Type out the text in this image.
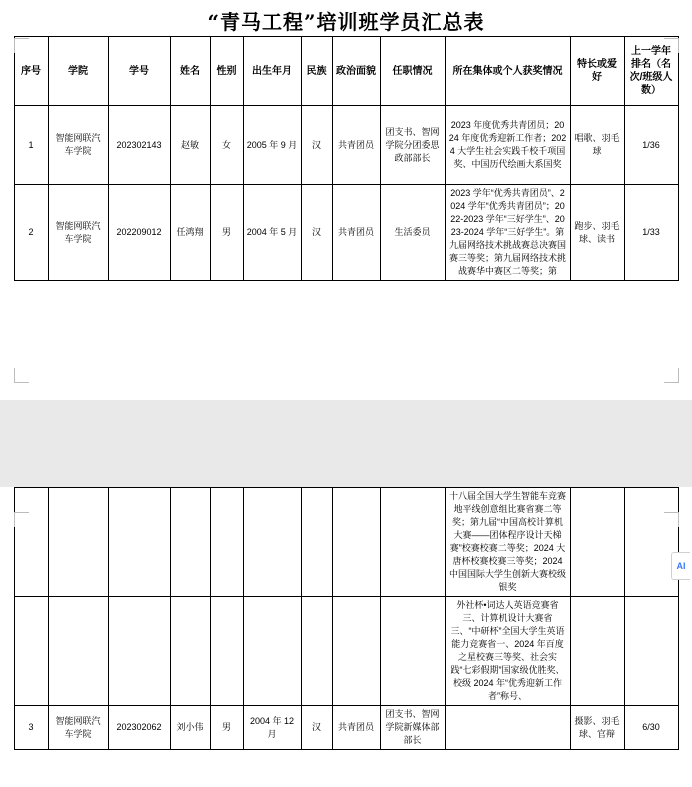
“青马工程”培训班学员汇总表
序号	学院	学号	姓名	性别	出生年月	民族	政治面貌	任职情况	所在集体或个人获奖情况	特长或爱好	上一学年排名（名次/班级人数）
1	智能网联汽车学院	202302143	赵敏	女	2005 年 9 月	汉	共青团员	团支书、智网学院分团委思政部部长	2023 年度优秀共青团员；2024 年度优秀迎新工作者；2024 大学生社会实践千校千项国奖、中国历代绘画大系国奖	唱歌、羽毛球	1/36
2	智能网联汽车学院	202209012	任鸿翔	男	2004 年 5 月	汉	共青团员	生活委员	2023 学年“优秀共青团员”、2024 学年“优秀共青团员”；2022-2023 学年“三好学生”、2023-2024 学年“三好学生”。第九届网络技术挑战赛总决赛国赛三等奖；第九届网络技术挑战赛华中赛区二等奖；第	跑步、羽毛球、读书	1/33
									十八届全国大学生智能车竞赛地平线创意组比赛省赛二等奖；第九届“中国高校计算机大赛——团体程序设计天梯赛”校赛校赛二等奖；2024 大唐杯校赛校赛三等奖；2024 中国国际大学生创新大赛校级银奖		
									外社杯•词达人英语竞赛省三、计算机设计大赛省三、“中研杯”全国大学生英语能力竞赛省一、2024 年百度之星校赛三等奖、社会实践“七彩假期”国家级优胜奖、校级 2024 年“优秀迎新工作者”称号、		
3	智能网联汽车学院	202302062	刘小伟	男	2004 年 12 月	汉	共青团员	团支书、智网学院新媒体部部长		摄影、羽毛球、官辩	6/30
AI
